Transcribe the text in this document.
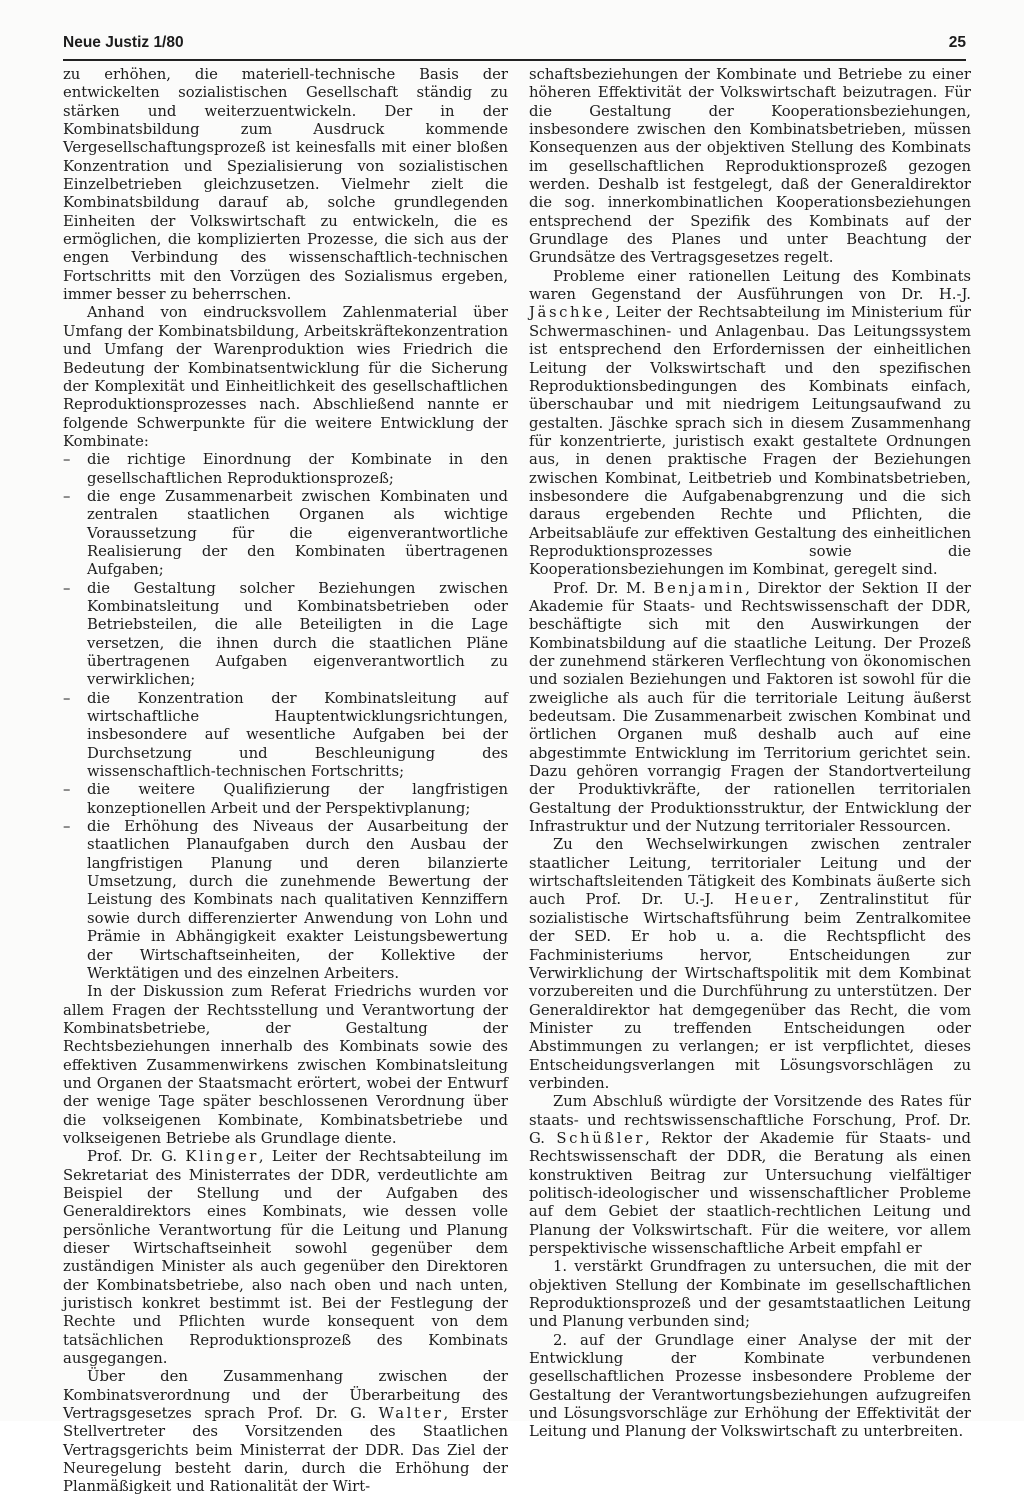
Neue Justiz 1/80	25

zu erhöhen, die materiell-technische Basis der entwickelten sozialistischen Gesellschaft ständig zu stärken und weiterzuentwickeln. Der in der Kombinatsbildung zum Ausdruck kommende Vergesellschaftungsprozeß ist keinesfalls mit einer bloßen Konzentration und Spezialisierung von sozialistischen Einzelbetrieben gleichzusetzen. Vielmehr zielt die Kombinatsbildung darauf ab, solche grundlegenden Einheiten der Volkswirtschaft zu entwickeln, die es ermöglichen, die komplizierten Prozesse, die sich aus der engen Verbindung des wissenschaftlich-technischen Fortschritts mit den Vorzügen des Sozialismus ergeben, immer besser zu beherrschen.

Anhand von eindrucksvollem Zahlenmaterial über Umfang der Kombinatsbildung, Arbeitskräftekonzentration und Umfang der Warenproduktion wies Friedrich die Bedeutung der Kombinatsentwicklung für die Sicherung der Komplexität und Einheitlichkeit des gesellschaftlichen Reproduktionsprozesses nach. Abschließend nannte er folgende Schwerpunkte für die weitere Entwicklung der Kombinate:

– die richtige Einordnung der Kombinate in den gesellschaftlichen Reproduktionsprozeß;
– die enge Zusammenarbeit zwischen Kombinaten und zentralen staatlichen Organen als wichtige Voraussetzung für die eigenverantwortliche Realisierung der den Kombinaten übertragenen Aufgaben;
– die Gestaltung solcher Beziehungen zwischen Kombinatsleitung und Kombinatsbetrieben oder Betriebsteilen, die alle Beteiligten in die Lage versetzen, die ihnen durch die staatlichen Pläne übertragenen Aufgaben eigenverantwortlich zu verwirklichen;
– die Konzentration der Kombinatsleitung auf wirtschaftliche Hauptentwicklungsrichtungen, insbesondere auf wesentliche Aufgaben bei der Durchsetzung und Beschleunigung des wissenschaftlich-technischen Fortschritts;
– die weitere Qualifizierung der langfristigen konzeptionellen Arbeit und der Perspektivplanung;
– die Erhöhung des Niveaus der Ausarbeitung der staatlichen Planaufgaben durch den Ausbau der langfristigen Planung und deren bilanzierte Umsetzung, durch die zunehmende Bewertung der Leistung des Kombinats nach qualitativen Kennziffern sowie durch differenzierter Anwendung von Lohn und Prämie in Abhängigkeit exakter Leistungsbewertung der Wirtschaftseinheiten, der Kollektive der Werktätigen und des einzelnen Arbeiters.

In der Diskussion zum Referat Friedrichs wurden vor allem Fragen der Rechtsstellung und Verantwortung der Kombinatsbetriebe, der Gestaltung der Rechtsbeziehungen innerhalb des Kombinats sowie des effektiven Zusammenwirkens zwischen Kombinatsleitung und Organen der Staatsmacht erörtert, wobei der Entwurf der wenige Tage später beschlossenen Verordnung über die volkseigenen Kombinate, Kombinatsbetriebe und volkseigenen Betriebe als Grundlage diente.

Prof. Dr. G. Klinger, Leiter der Rechtsabteilung im Sekretariat des Ministerrates der DDR, verdeutlichte am Beispiel der Stellung und der Aufgaben des Generaldirektors eines Kombinats, wie dessen volle persönliche Verantwortung für die Leitung und Planung dieser Wirtschaftseinheit sowohl gegenüber dem zuständigen Minister als auch gegenüber den Direktoren der Kombinatsbetriebe, also nach oben und nach unten, juristisch konkret bestimmt ist. Bei der Festlegung der Rechte und Pflichten wurde konsequent von dem tatsächlichen Reproduktionsprozeß des Kombinats ausgegangen.

Über den Zusammenhang zwischen der Kombinatsverordnung und der Überarbeitung des Vertragsgesetzes sprach Prof. Dr. G. Walter, Erster Stellvertreter des Vorsitzenden des Staatlichen Vertragsgerichts beim Ministerrat der DDR. Das Ziel der Neuregelung besteht darin, durch die Erhöhung der Planmäßigkeit und Rationalität der Wirt-

schaftsbeziehungen der Kombinate und Betriebe zu einer höheren Effektivität der Volkswirtschaft beizutragen. Für die Gestaltung der Kooperationsbeziehungen, insbesondere zwischen den Kombinatsbetrieben, müssen Konsequenzen aus der objektiven Stellung des Kombinats im gesellschaftlichen Reproduktionsprozeß gezogen werden. Deshalb ist festgelegt, daß der Generaldirektor die sog. innerkombinatlichen Kooperationsbeziehungen entsprechend der Spezifik des Kombinats auf der Grundlage des Planes und unter Beachtung der Grundsätze des Vertragsgesetzes regelt.

Probleme einer rationellen Leitung des Kombinats waren Gegenstand der Ausführungen von Dr. H.-J. Jäschke, Leiter der Rechtsabteilung im Ministerium für Schwermaschinen- und Anlagenbau. Das Leitungssystem ist entsprechend den Erfordernissen der einheitlichen Leitung der Volkswirtschaft und den spezifischen Reproduktionsbedingungen des Kombinats einfach, überschaubar und mit niedrigem Leitungsaufwand zu gestalten. Jäschke sprach sich in diesem Zusammenhang für konzentrierte, juristisch exakt gestaltete Ordnungen aus, in denen praktische Fragen der Beziehungen zwischen Kombinat, Leitbetrieb und Kombinatsbetrieben, insbesondere die Aufgabenabgrenzung und die sich daraus ergebenden Rechte und Pflichten, die Arbeitsabläufe zur effektiven Gestaltung des einheitlichen Reproduktionsprozesses sowie die Kooperationsbeziehungen im Kombinat, geregelt sind.

Prof. Dr. M. Benjamin, Direktor der Sektion II der Akademie für Staats- und Rechtswissenschaft der DDR, beschäftigte sich mit den Auswirkungen der Kombinatsbildung auf die staatliche Leitung. Der Prozeß der zunehmend stärkeren Verflechtung von ökonomischen und sozialen Beziehungen und Faktoren ist sowohl für die zweigliche als auch für die territoriale Leitung äußerst bedeutsam. Die Zusammenarbeit zwischen Kombinat und örtlichen Organen muß deshalb auch auf eine abgestimmte Entwicklung im Territorium gerichtet sein. Dazu gehören vorrangig Fragen der Standortverteilung der Produktivkräfte, der rationellen territorialen Gestaltung der Produktionsstruktur, der Entwicklung der Infrastruktur und der Nutzung territorialer Ressourcen.

Zu den Wechselwirkungen zwischen zentraler staatlicher Leitung, territorialer Leitung und der wirtschaftsleitenden Tätigkeit des Kombinats äußerte sich auch Prof. Dr. U.-J. Heuer, Zentralinstitut für sozialistische Wirtschaftsführung beim Zentralkomitee der SED. Er hob u. a. die Rechtspflicht des Fachministeriums hervor, Entscheidungen zur Verwirklichung der Wirtschaftspolitik mit dem Kombinat vorzubereiten und die Durchführung zu unterstützen. Der Generaldirektor hat demgegenüber das Recht, die vom Minister zu treffenden Entscheidungen oder Abstimmungen zu verlangen; er ist verpflichtet, dieses Entscheidungsverlangen mit Lösungsvorschlägen zu verbinden.

Zum Abschluß würdigte der Vorsitzende des Rates für staats- und rechtswissenschaftliche Forschung, Prof. Dr. G. Schüßler, Rektor der Akademie für Staats- und Rechtswissenschaft der DDR, die Beratung als einen konstruktiven Beitrag zur Untersuchung vielfältiger politisch-ideologischer und wissenschaftlicher Probleme auf dem Gebiet der staatlich-rechtlichen Leitung und Planung der Volkswirtschaft. Für die weitere, vor allem perspektivische wissenschaftliche Arbeit empfahl er

1. verstärkt Grundfragen zu untersuchen, die mit der objektiven Stellung der Kombinate im gesellschaftlichen Reproduktionsprozeß und der gesamtstaatlichen Leitung und Planung verbunden sind;
2. auf der Grundlage einer Analyse der mit der Entwicklung der Kombinate verbundenen gesellschaftlichen Prozesse insbesondere Probleme der Gestaltung der Verantwortungsbeziehungen aufzugreifen und Lösungsvorschläge zur Erhöhung der Effektivität der Leitung und Planung der Volkswirtschaft zu unterbreiten.
